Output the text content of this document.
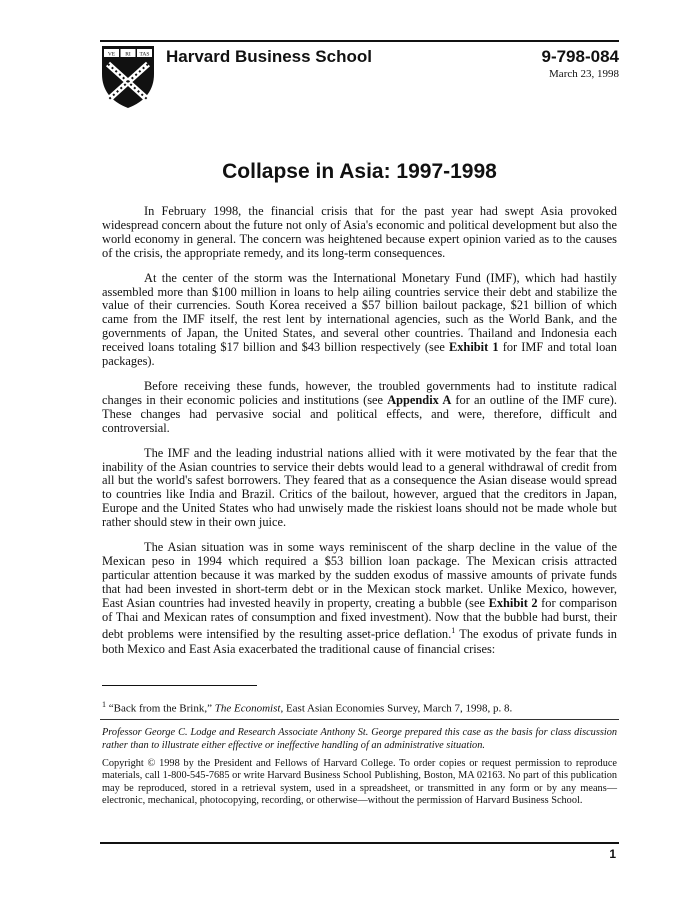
VE RI TAS Harvard Business School	9-798-084
March 23, 1998
Collapse in Asia: 1997-1998

In February 1998, the financial crisis that for the past year had swept Asia provoked widespread concern about the future not only of Asia's economic and political development but also the world economy in general. The concern was heightened because expert opinion varied as to the causes of the crisis, the appropriate remedy, and its long-term consequences.

At the center of the storm was the International Monetary Fund (IMF), which had hastily assembled more than $100 million in loans to help ailing countries service their debt and stabilize the value of their currencies. South Korea received a $57 billion bailout package, $21 billion of which came from the IMF itself, the rest lent by international agencies, such as the World Bank, and the governments of Japan, the United States, and several other countries. Thailand and Indonesia each received loans totaling $17 billion and $43 billion respectively (see Exhibit 1 for IMF and total loan packages).

Before receiving these funds, however, the troubled governments had to institute radical changes in their economic policies and institutions (see Appendix A for an outline of the IMF cure). These changes had pervasive social and political effects, and were, therefore, difficult and controversial.

The IMF and the leading industrial nations allied with it were motivated by the fear that the inability of the Asian countries to service their debts would lead to a general withdrawal of credit from all but the world's safest borrowers. They feared that as a consequence the Asian disease would spread to countries like India and Brazil. Critics of the bailout, however, argued that the creditors in Japan, Europe and the United States who had unwisely made the riskiest loans should not be made whole but rather should stew in their own juice.

The Asian situation was in some ways reminiscent of the sharp decline in the value of the Mexican peso in 1994 which required a $53 billion loan package. The Mexican crisis attracted particular attention because it was marked by the sudden exodus of massive amounts of private funds that had been invested in short-term debt or in the Mexican stock market. Unlike Mexico, however, East Asian countries had invested heavily in property, creating a bubble (see Exhibit 2 for comparison of Thai and Mexican rates of consumption and fixed investment). Now that the bubble had burst, their debt problems were intensified by the resulting asset-price deflation.$^1$ The exodus of private funds in both Mexico and East Asia exacerbated the traditional cause of financial crises:

$^1$ “Back from the Brink,” The Economist, East Asian Economies Survey, March 7, 1998, p. 8.
Professor George C. Lodge and Research Associate Anthony St. George prepared this case as the basis for class discussion rather than to illustrate either effective or ineffective handling of an administrative situation.
Copyright © 1998 by the President and Fellows of Harvard College. To order copies or request permission to reproduce materials, call 1-800-545-7685 or write Harvard Business School Publishing, Boston, MA 02163. No part of this publication may be reproduced, stored in a retrieval system, used in a spreadsheet, or transmitted in any form or by any means—electronic, mechanical, photocopying, recording, or otherwise—without the permission of Harvard Business School.
1
